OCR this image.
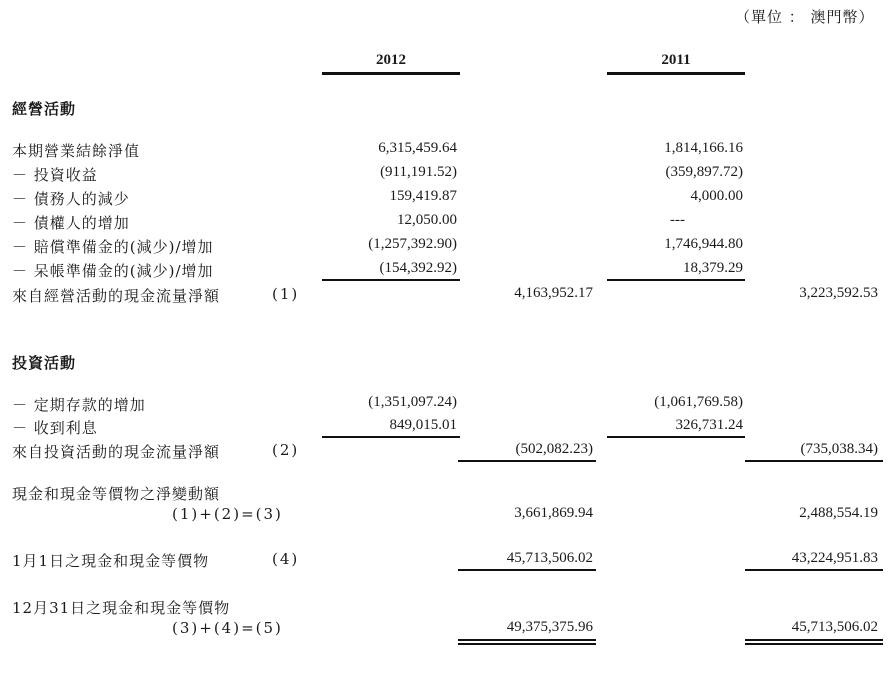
（單位 ： 澳門幣）
2012	2011
經營活動
本期營業結餘淨值	6,315,459.64	1,814,166.16
－ 投資收益	(911,191.52)	(359,897.72)
－ 債務人的減少	159,419.87	4,000.00
－ 債權人的增加	12,050.00	---
－ 賠償準備金的(減少)/增加	(1,257,392.90)	1,746,944.80
－ 呆帳準備金的(減少)/增加	(154,392.92)	18,379.29
來自經營活動的現金流量淨額	(1)	4,163,952.17	3,223,592.53
投資活動
－ 定期存款的增加	(1,351,097.24)	(1,061,769.58)
－ 收到利息	849,015.01	326,731.24
來自投資活動的現金流量淨額	(2)	(502,082.23)	(735,038.34)
現金和現金等價物之淨變動額
(1)+(2)=(3)	3,661,869.94	2,488,554.19
1月1日之現金和現金等價物	(4)	45,713,506.02	43,224,951.83
12月31日之現金和現金等價物
(3)+(4)=(5)	49,375,375.96	45,713,506.02
